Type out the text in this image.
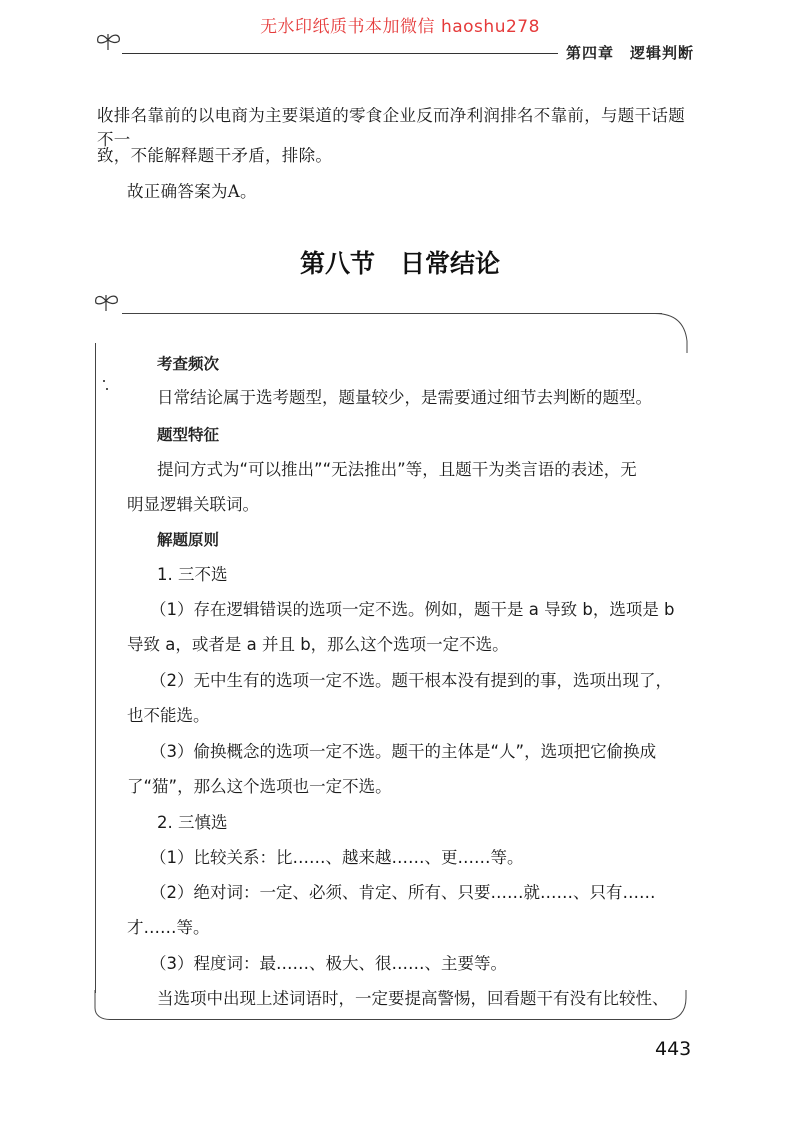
无水印纸质书本加微信 haoshu278
第四章　逻辑判断
收排名靠前的以电商为主要渠道的零食企业反而净利润排名不靠前，与题干话题不一
致，不能解释题干矛盾，排除。
故正确答案为A。
第八节　日常结论
考查频次
日常结论属于选考题型，题量较少，是需要通过细节去判断的题型。
题型特征
提问方式为“可以推出”“无法推出”等，且题干为类言语的表述，无
明显逻辑关联词。
解题原则
1. 三不选
（1）存在逻辑错误的选项一定不选。例如，题干是 a 导致 b，选项是 b
导致 a，或者是 a 并且 b，那么这个选项一定不选。
（2）无中生有的选项一定不选。题干根本没有提到的事，选项出现了，
也不能选。
（3）偷换概念的选项一定不选。题干的主体是“人”，选项把它偷换成
了“猫”，那么这个选项也一定不选。
2. 三慎选
（1）比较关系：比……、越来越……、更……等。
（2）绝对词：一定、必须、肯定、所有、只要……就……、只有……
才……等。
（3）程度词：最……、极大、很……、主要等。
当选项中出现上述词语时，一定要提高警惕，回看题干有没有比较性、
443
